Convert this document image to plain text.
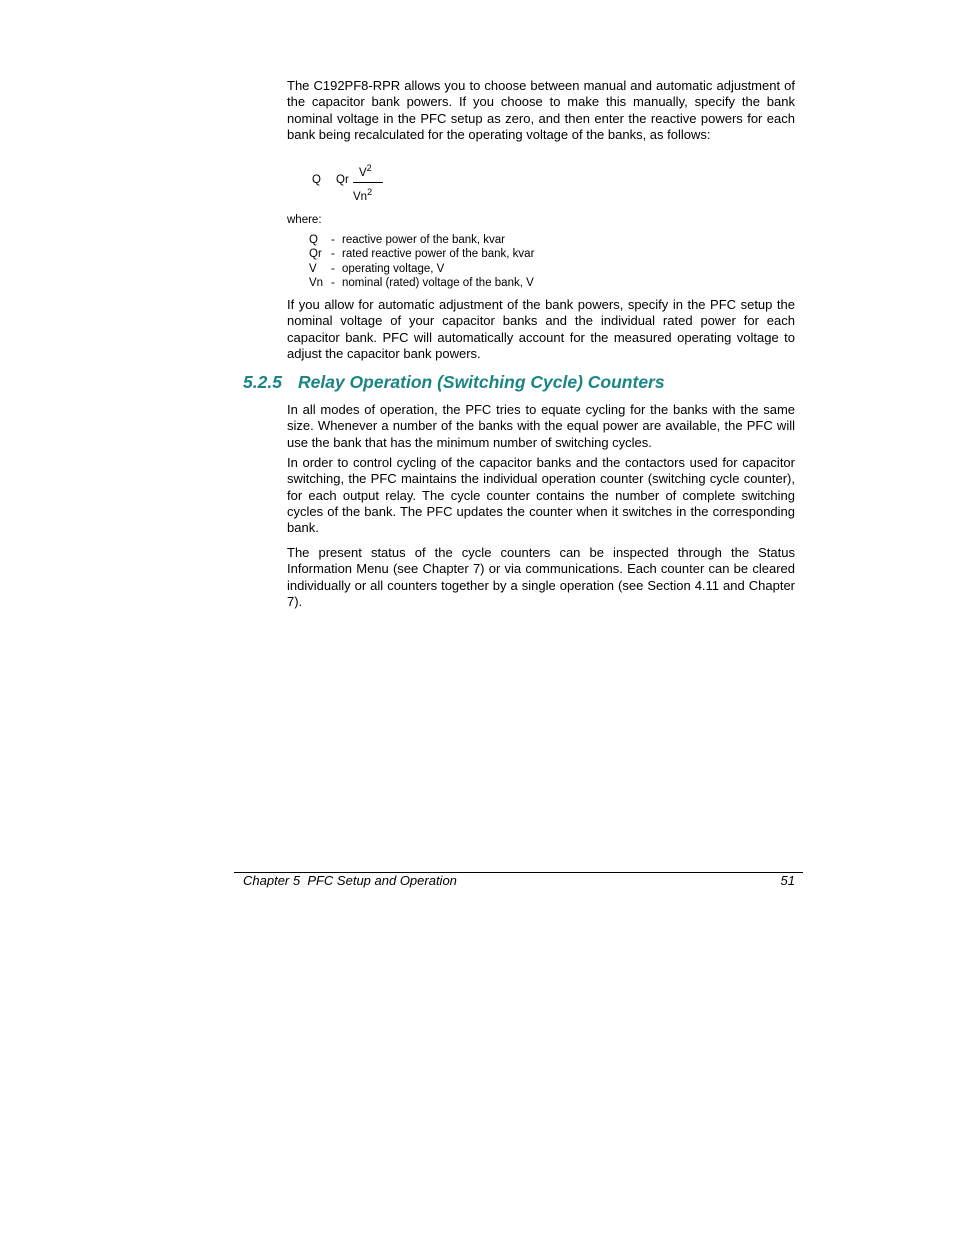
The C192PF8-RPR allows you to choose between manual and automatic adjustment of the capacitor bank powers. If you choose to make this manually, specify the bank nominal voltage in the PFC setup as zero, and then enter the reactive powers for each bank being recalculated for the operating voltage of the banks, as follows:

Q Qr
$V^2$
Vn$^2$
where:
Q	- reactive power of the bank, kvar
Qr - rated reactive power of the bank, kvar
V	- operating voltage, V
Vn - nominal (rated) voltage of the bank, V

If you allow for automatic adjustment of the bank powers, specify in the PFC setup the nominal voltage of your capacitor banks and the individual rated power for each capacitor bank. PFC will automatically account for the measured operating voltage to adjust the capacitor bank powers.

5.2.5 Relay Operation (Switching Cycle) Counters

In all modes of operation, the PFC tries to equate cycling for the banks with the same size. Whenever a number of the banks with the equal power are available, the PFC will use the bank that has the minimum number of switching cycles.

In order to control cycling of the capacitor banks and the contactors used for capacitor switching, the PFC maintains the individual operation counter (switching cycle counter), for each output relay. The cycle counter contains the number of complete switching cycles of the bank. The PFC updates the counter when it switches in the corresponding bank.

The present status of the cycle counters can be inspected through the Status Information Menu (see Chapter 7) or via communications. Each counter can be cleared individually or all counters together by a single operation (see Section 4.11 and Chapter 7).

Chapter 5  PFC Setup and Operation	51
